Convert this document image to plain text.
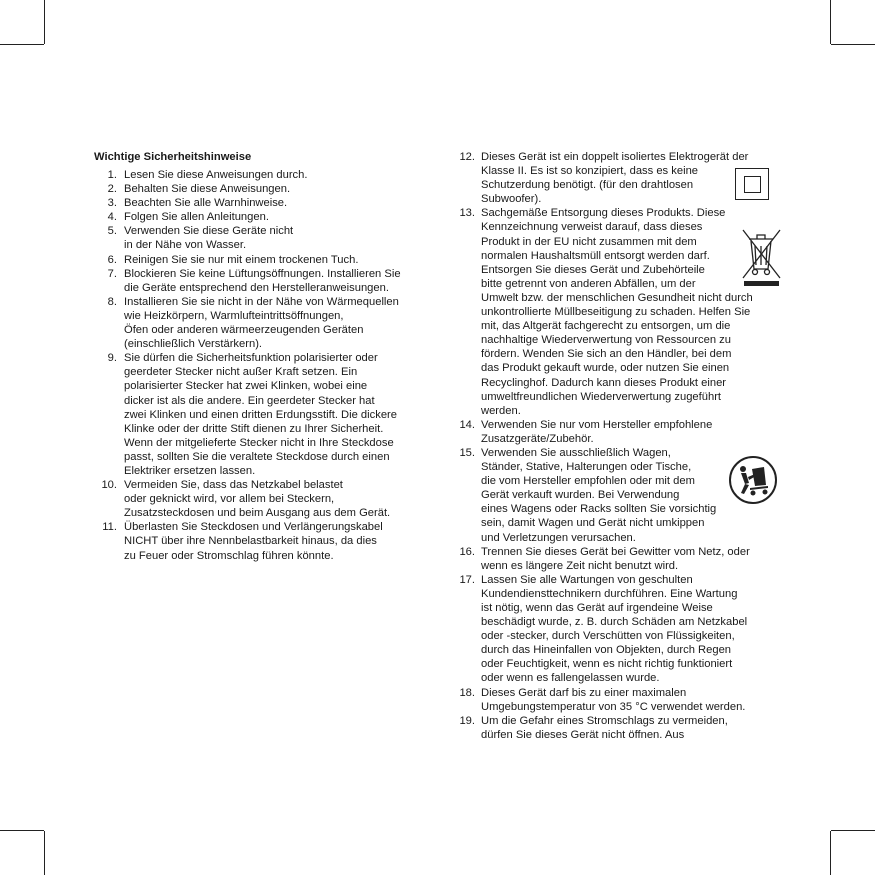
Wichtige Sicherheitshinweise
1. Lesen Sie diese Anweisungen durch.
2. Behalten Sie diese Anweisungen.
3. Beachten Sie alle Warnhinweise.
4. Folgen Sie allen Anleitungen.
5. Verwenden Sie diese Geräte nicht
in der Nähe von Wasser.
6. Reinigen Sie sie nur mit einem trockenen Tuch.
7. Blockieren Sie keine Lüftungsöffnungen. Installieren Sie
die Geräte entsprechend den Herstelleranweisungen.
8. Installieren Sie sie nicht in der Nähe von Wärmequellen
wie Heizkörpern, Warmlufteintrittsöffnungen,
Öfen oder anderen wärmeerzeugenden Geräten
(einschließlich Verstärkern).
9. Sie dürfen die Sicherheitsfunktion polarisierter oder
geerdeter Stecker nicht außer Kraft setzen. Ein
polarisierter Stecker hat zwei Klinken, wobei eine
dicker ist als die andere. Ein geerdeter Stecker hat
zwei Klinken und einen dritten Erdungsstift. Die dickere
Klinke oder der dritte Stift dienen zu Ihrer Sicherheit.
Wenn der mitgelieferte Stecker nicht in Ihre Steckdose
passt, sollten Sie die veraltete Steckdose durch einen
Elektriker ersetzen lassen.
10. Vermeiden Sie, dass das Netzkabel belastet
oder geknickt wird, vor allem bei Steckern,
Zusatzsteckdosen und beim Ausgang aus dem Gerät.
11. Überlasten Sie Steckdosen und Verlängerungskabel
NICHT über ihre Nennbelastbarkeit hinaus, da dies
zu Feuer oder Stromschlag führen könnte.
12. Dieses Gerät ist ein doppelt isoliertes Elektrogerät der
Klasse II. Es ist so konzipiert, dass es keine
Schutzerdung benötigt. (für den drahtlosen
Subwoofer).
13. Sachgemäße Entsorgung dieses Produkts. Diese
Kennzeichnung verweist darauf, dass dieses
Produkt in der EU nicht zusammen mit dem
normalen Haushaltsmüll entsorgt werden darf.
Entsorgen Sie dieses Gerät und Zubehörteile
bitte getrennt von anderen Abfällen, um der
Umwelt bzw. der menschlichen Gesundheit nicht durch
unkontrollierte Müllbeseitigung zu schaden. Helfen Sie
mit, das Altgerät fachgerecht zu entsorgen, um die
nachhaltige Wiederverwertung von Ressourcen zu
fördern. Wenden Sie sich an den Händler, bei dem
das Produkt gekauft wurde, oder nutzen Sie einen
Recyclinghof. Dadurch kann dieses Produkt einer
umweltfreundlichen Wiederverwertung zugeführt
werden.
14. Verwenden Sie nur vom Hersteller empfohlene
Zusatzgeräte/Zubehör.
15. Verwenden Sie ausschließlich Wagen,
Ständer, Stative, Halterungen oder Tische,
die vom Hersteller empfohlen oder mit dem
Gerät verkauft wurden. Bei Verwendung
eines Wagens oder Racks sollten Sie vorsichtig
sein, damit Wagen und Gerät nicht umkippen
und Verletzungen verursachen.
16. Trennen Sie dieses Gerät bei Gewitter vom Netz, oder
wenn es längere Zeit nicht benutzt wird.
17. Lassen Sie alle Wartungen von geschulten
Kundendiensttechnikern durchführen. Eine Wartung
ist nötig, wenn das Gerät auf irgendeine Weise
beschädigt wurde, z. B. durch Schäden am Netzkabel
oder -stecker, durch Verschütten von Flüssigkeiten,
durch das Hineinfallen von Objekten, durch Regen
oder Feuchtigkeit, wenn es nicht richtig funktioniert
oder wenn es fallengelassen wurde.
18. Dieses Gerät darf bis zu einer maximalen
Umgebungstemperatur von 35 °C verwendet werden.
19. Um die Gefahr eines Stromschlags zu vermeiden,
dürfen Sie dieses Gerät nicht öffnen. Aus
